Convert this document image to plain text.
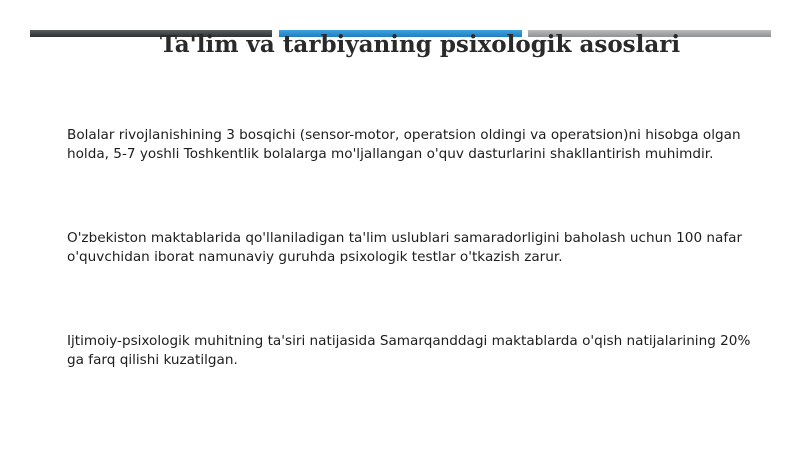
Ta'lim va tarbiyaning psixologik asoslari
Bolalar rivojlanishining 3 bosqichi (sensor-motor, operatsion oldingi va operatsion)ni hisobga olgan holda, 5-7 yoshli Toshkentlik bolalarga mo'ljallangan o'quv dasturlarini shakllantirish muhimdir.
O'zbekiston maktablarida qo'llaniladigan ta'lim uslublari samaradorligini baholash uchun 100 nafar o'quvchidan iborat namunaviy guruhda psixologik testlar o'tkazish zarur.
Ijtimoiy-psixologik muhitning ta'siri natijasida Samarqanddagi maktablarda o'qish natijalarining 20% ga farq qilishi kuzatilgan.
